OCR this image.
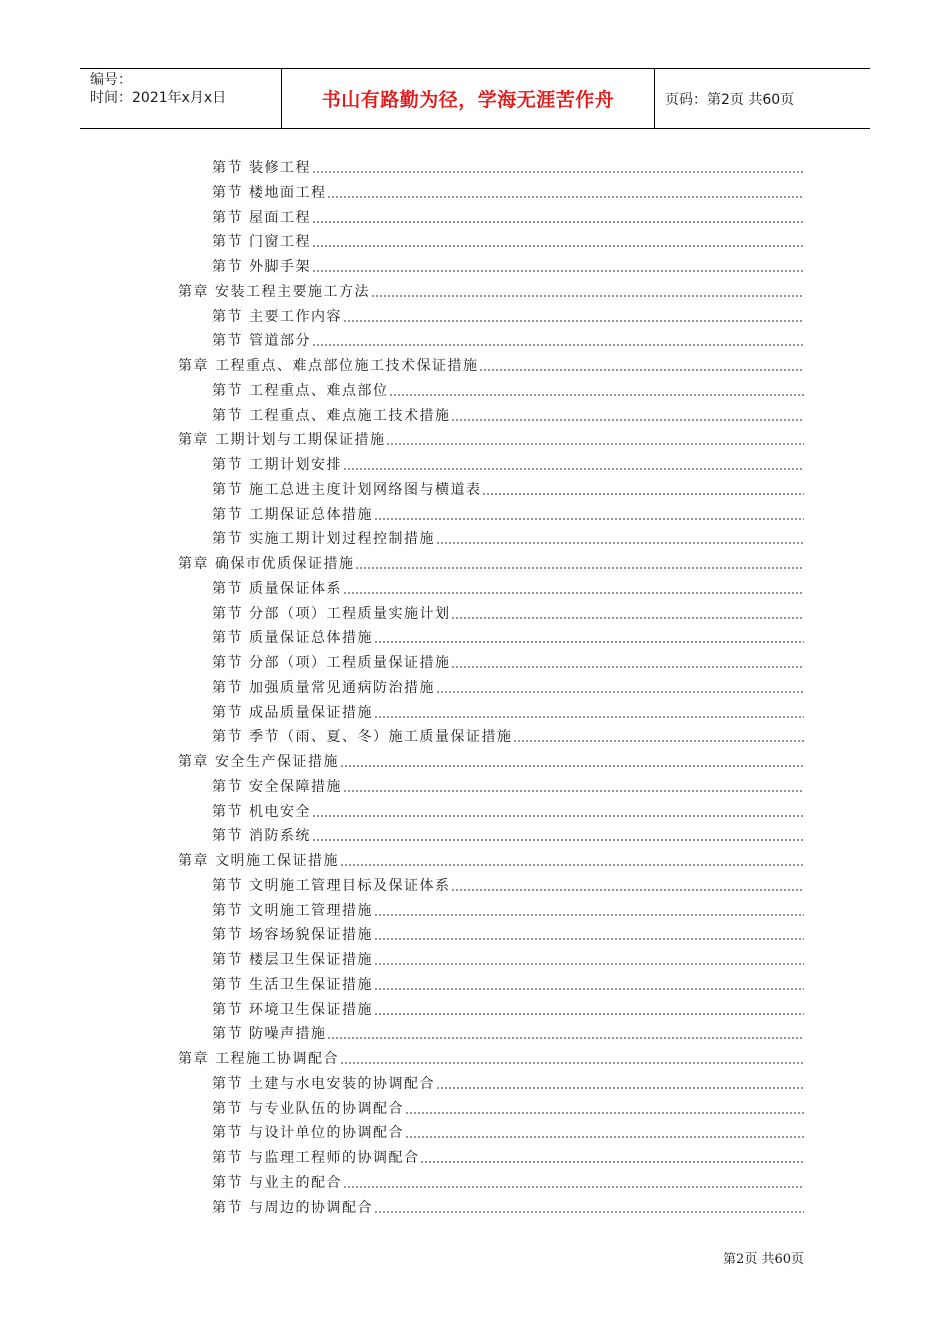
编号：
时间：2021年x月x日	书山有路勤为径，学海无涯苦作舟	页码：第2页 共60页
第节 装修工程
第节 楼地面工程
第节 屋面工程
第节 门窗工程
第节 外脚手架
第章 安装工程主要施工方法
第节 主要工作内容
第节 管道部分
第章 工程重点、难点部位施工技术保证措施
第节 工程重点、难点部位
第节 工程重点、难点施工技术措施
第章 工期计划与工期保证措施
第节 工期计划安排
第节 施工总进主度计划网络图与横道表
第节 工期保证总体措施
第节 实施工期计划过程控制措施
第章 确保市优质保证措施
第节 质量保证体系
第节 分部（项）工程质量实施计划
第节 质量保证总体措施
第节 分部（项）工程质量保证措施
第节 加强质量常见通病防治措施
第节 成品质量保证措施
第节 季节（雨、夏、冬）施工质量保证措施
第章 安全生产保证措施
第节 安全保障措施
第节 机电安全
第节 消防系统
第章 文明施工保证措施
第节 文明施工管理目标及保证体系
第节 文明施工管理措施
第节 场容场貌保证措施
第节 楼层卫生保证措施
第节 生活卫生保证措施
第节 环境卫生保证措施
第节 防噪声措施
第章 工程施工协调配合
第节 土建与水电安装的协调配合
第节 与专业队伍的协调配合
第节 与设计单位的协调配合
第节 与监理工程师的协调配合
第节 与业主的配合
第节 与周边的协调配合
第2页 共60页
